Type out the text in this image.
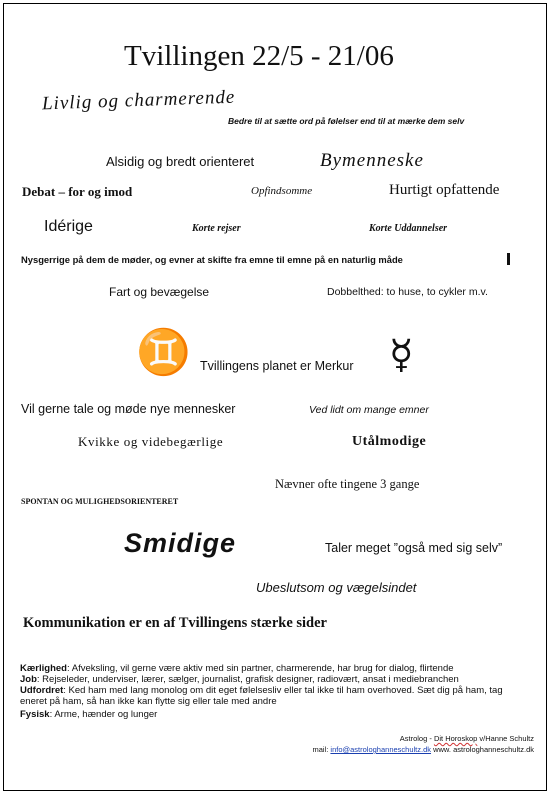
Tvillingen 22/5 - 21/06
Livlig og charmerende
Bedre til at sætte ord på følelser end til at mærke dem selv
Alsidig og bredt orienteret	Bymenneske
Debat – for og imod	Opfindsomme	Hurtigt opfattende
Idérige	Korte rejser	Korte Uddannelser
Nysgerrige på dem de møder, og evner at skifte fra emne til emne på en naturlig måde
Fart og bevægelse	Dobbelthed: to huse, to cykler m.v.
♊ Tvillingens planet er Merkur ☿
Vil gerne tale og møde nye mennesker	Ved lidt om mange emner
Kvikke og videbegærlige	Utålmodige
Nævner ofte tingene 3 gange
SPONTAN OG MULIGHEDSORIENTERET
Smidige	Taler meget ”også med sig selv”
Ubeslutsom og vægelsindet
Kommunikation er en af Tvillingens stærke sider
Kærlighed: Afveksling, vil gerne være aktiv med sin partner, charmerende, har brug for dialog, flirtende
Job: Rejseleder, underviser, lærer, sælger, journalist, grafisk designer, radiovært, ansat i mediebranchen
Udfordret: Ked ham med lang monolog om dit eget følelsesliv eller tal ikke til ham overhoved. Sæt dig på ham, tag eneret på ham, så han ikke kan flytte sig eller tale med andre
Fysisk: Arme, hænder og lunger
Astrolog - Dit Horoskop v/Hanne Schultz
mail: info@astrologhanneschultz.dk www. astrologhanneschultz.dk
